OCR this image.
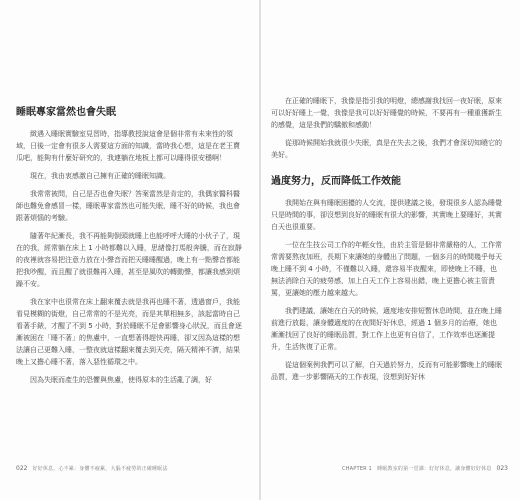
睡眠專家當然也會失眠

緻遇入睡眠實驗室見習時，指導教授說這會是個非常有未來性的領域，日後一定會有很多人需要這方面的知識，當時我心想，這是在老王賣瓜吧，能夠有什麼好研究的，我連躺在地板上都可以睡得很安穩啊！

現在，我由衷感激自己擁有正確的睡眠知識。

我常常被問，自己是否也會失眠？答案當然是肯定的，我偶家醫科醫師也難免會感冒一樣，睡眠專家當然也可能失眠，睡不好的時候，我也會跟著煩惱的考驗。

隨著年紀漸長，我不再能夠倒頭就睡上也能呼呼大睡的小伙子了，現在的我，經常躺在床上 1 小時都難以入睡，思緒像打馬般奔騰，而在寂靜的夜裡就容易把注意力放在小聲音而把天睡睡醒過，晚上有一點聲音都能把我吵醒，而且醒了就很難再入睡，甚至是風吹的轉動聲，都讓我感到煩躁不安。

我在家中也很常在床上翻來覆去就是我再也睡不著，透過窗戶，我能看見模糊的街燈，自己常常的不是光亮，而是其單相無多，該起當時自己看著手錶，才醒了不到 5 小時，對於睡眠不足會影響身心狀況，而且會逐漸被困在「睡不著」的焦慮中，一直想著得趕快再睡，卻又因為這樣的想法讓自己更難入睡，一整夜就這樣翻來覆去到天亮，隔天精神不濟，結果晚上又擔心睡不著，落入惡性循環之中。

因為失眠而產生的恐懼與焦慮，使得原本的生活亂了調，好

022 好好休息，心不累：身體不疲累，大腦不疲勞的正確睡眠法

在正確的睡眠下，我像是指引我的明燈，總感謝我找回一夜好眠，原來可以好好睡上一覺，我像是我可以好好睡覺的時候，不要再有一種重獲新生的感覺，這是我們的驕傲和感動！

從那時候開始我就很少失眠，真是在失去之後，我們才會深切知曉它的美好。

過度努力，反而降低工作效能

我開始在與有睡眠困擾的人交流，提供建議之後，發現很多人認為睡覺只是時間的事，卻沒想到良好的睡眠有很大的影響，其實晚上要睡好，其實白天也很重要。

一位在生技公司工作的年輕女性，由於主管是個非常嚴格的人，工作常常需要熬夜加班，長期下來讓她的身體出了問題，一個多月的時間幾乎每天晚上睡不到 4 小時，不僅難以入睡，還容易半夜醒來，即使晚上不睡，也無法消除白天的疲勞感，加上白天工作上容易出錯，晚上更擔心被主管責罵，更讓她的壓力越來越大。

我們建議，讓她在白天的時候，適度地安排短暫休息時間，並在晚上睡前進行放鬆，讓身體適度的在夜間好好休息，經過 1 個多月的治療，她也漸漸找回了良好的睡眠品質，對工作上也更有自信了，工作效率也逐漸提升，生活恢復了正常。

從這個案例我們可以了解，白天過於努力，反而有可能影響晚上的睡眠品質，進一步影響隔天的工作表現，沒想到好好休

CHAPTER 1　睡眠教室的第一堂課：好好休息，讓身體好好休息 023
